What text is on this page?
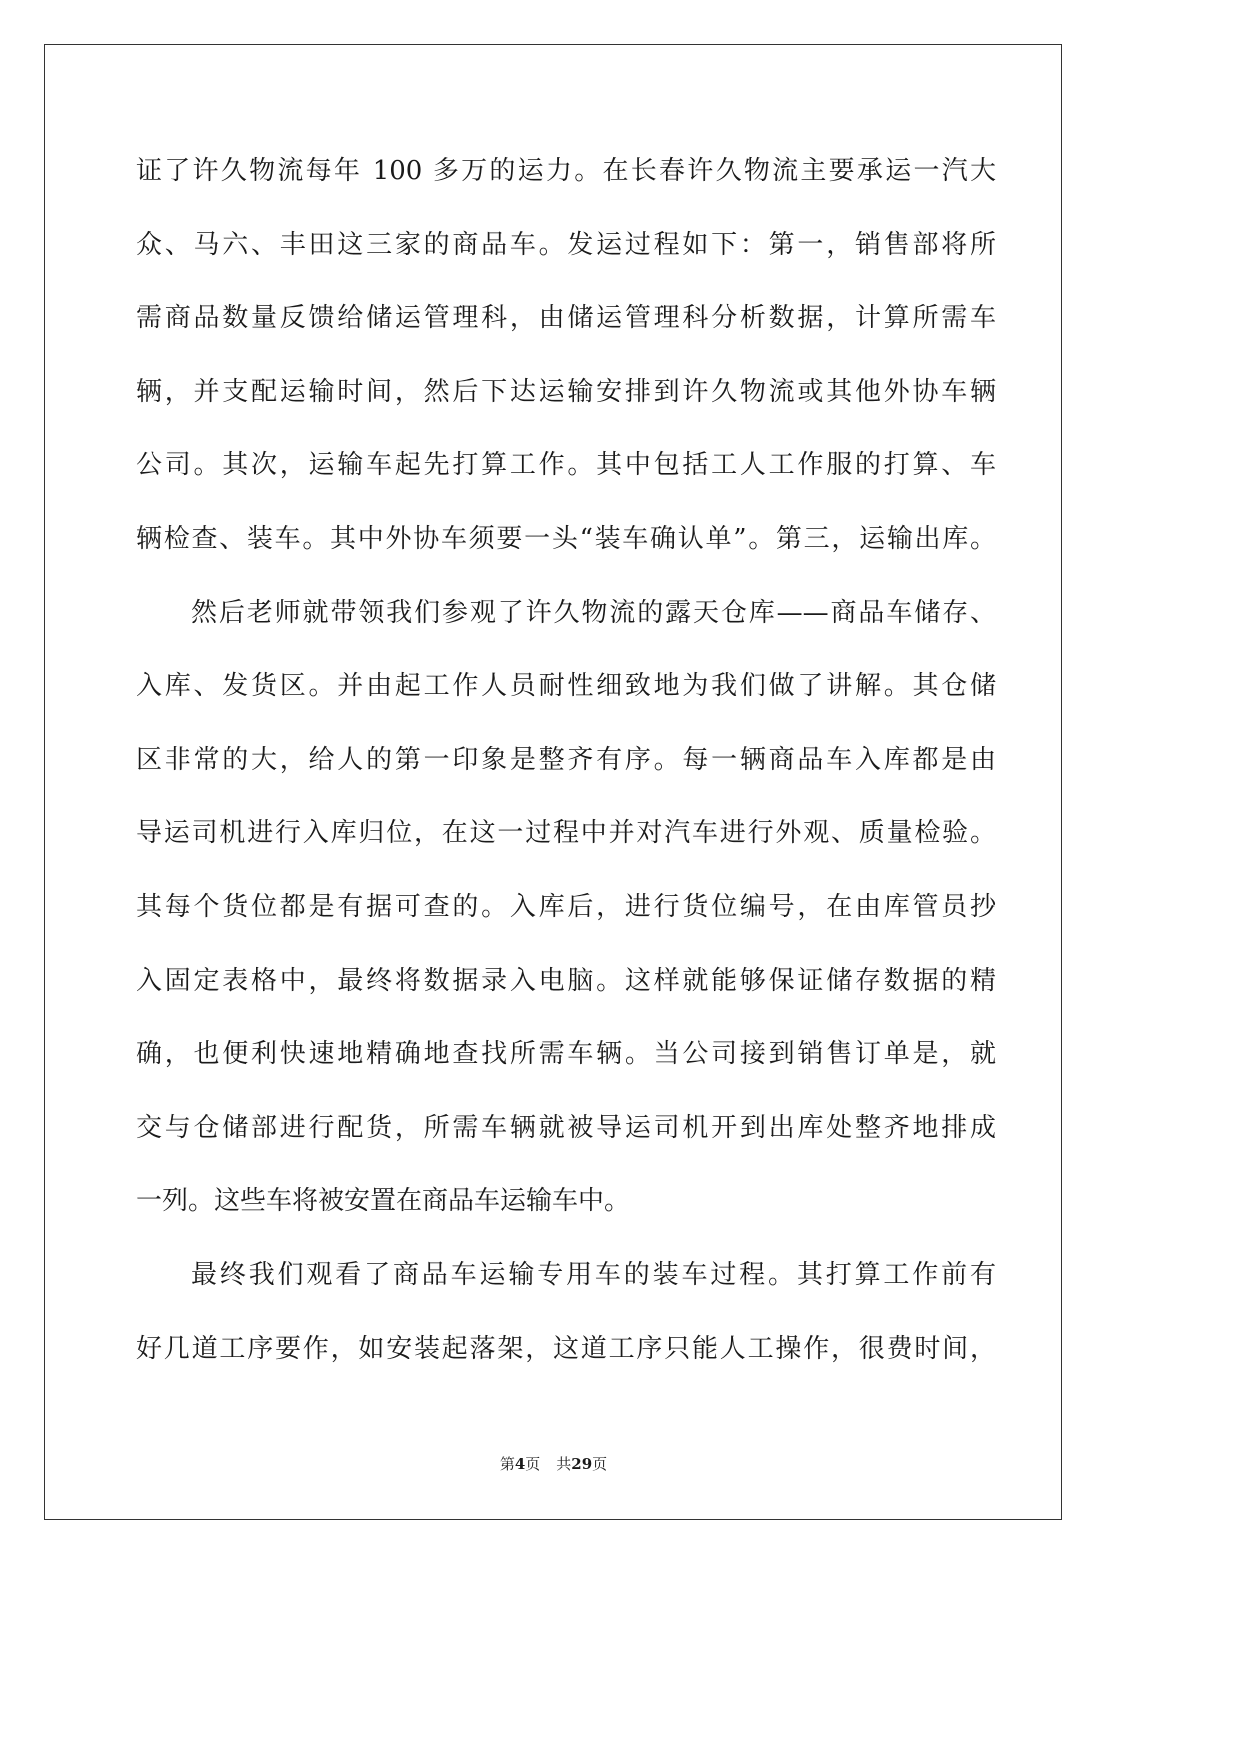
证了许久物流每年 100 多万的运力。在长春许久物流主要承运一汽大
众、马六、丰田这三家的商品车。发运过程如下：第一，销售部将所
需商品数量反馈给储运管理科，由储运管理科分析数据，计算所需车
辆，并支配运输时间，然后下达运输安排到许久物流或其他外协车辆
公司。其次，运输车起先打算工作。其中包括工人工作服的打算、车
辆检查、装车。其中外协车须要一头“装车确认单”。第三，运输出库。
然后老师就带领我们参观了许久物流的露天仓库——商品车储存、
入库、发货区。并由起工作人员耐性细致地为我们做了讲解。其仓储
区非常的大，给人的第一印象是整齐有序。每一辆商品车入库都是由
导运司机进行入库归位，在这一过程中并对汽车进行外观、质量检验。
其每个货位都是有据可查的。入库后，进行货位编号，在由库管员抄
入固定表格中，最终将数据录入电脑。这样就能够保证储存数据的精
确，也便利快速地精确地查找所需车辆。当公司接到销售订单是，就
交与仓储部进行配货，所需车辆就被导运司机开到出库处整齐地排成
一列。这些车将被安置在商品车运输车中。
最终我们观看了商品车运输专用车的装车过程。其打算工作前有
好几道工序要作，如安装起落架，这道工序只能人工操作，很费时间，
第4页 共29页
